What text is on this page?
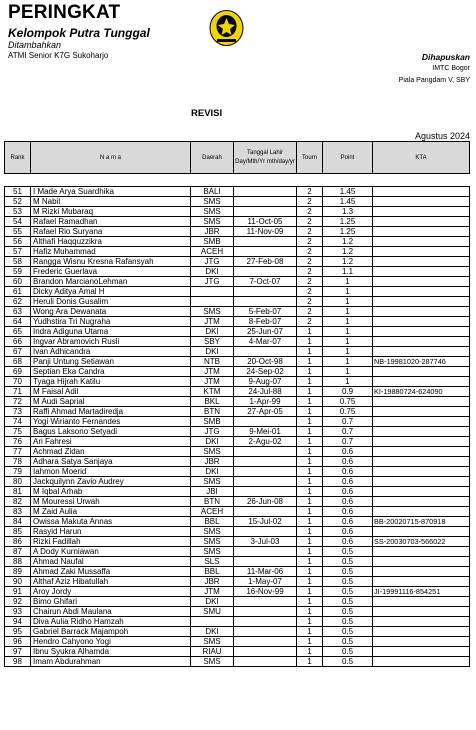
PERINGKAT
Kelompok Putra Tunggal
Ditambahkan
ATMI Senior K7G Sukoharjo	Dihapuskan
IMTC Bogor
Piala Pangdam V, SBY
REVISI
Agustus 2024
Rank	N a m a	Daerah	Tanggal Lahir Day/Mth/Yr mth/day/yr	Tourn	Point	KTA
51	I Made Arya Suardhika	BALI		2	1.45	
52	M Nabil	SMS		2	1.45	
53	M Rizki Mubaraq	SMS		2	1.3	
54	Rafael Ramadhan	SMS	11-Oct-05	2	1.25	
55	Rafael Rio Suryana	JBR	11-Nov-09	2	1.25	
56	Althafi Haqquzzikra	SMB		2	1.2	
57	Hafiz Muhammad	ACEH		2	1.2	
58	Rangga Wisnu Kresna Rafansyah	JTG	27-Feb-08	2	1.2	
59	Frederic Guerlava	DKI		2	1.1	
60	Brandon MarcianoLehman	JTG	7-Oct-07	2	1	
61	Dicky Aditya Amal H			2	1	
62	Heruli Donis Gusalim			2	1	
63	Wong Ara Dewanata	SMS	5-Feb-07	2	1	
64	Yudhstira Tri Nugraha	JTM	8-Feb-07	2	1	
65	Indra Adiguna Utama	DKI	25-Jun-07	1	1	
66	Ingvar Abramovich Rusli	SBY	4-Mar-07	1	1	
67	Ivan Adhicandra	DKI		1	1	
68	Panji Untung Setiawan	NTB	20-Oct-98	1	1	NB-19981020-287746
69	Septian Eka Candra	JTM	24-Sep-02	1	1	
70	Tyaga Hijrah Katilu	JTM	9-Aug-07	1	1	
71	M Faisal Adil	KTM	24-Jul-88	1	0.9	KI-19880724-624090
72	M Audi Saprial	BKL	1-Apr-99	1	0.75	
73	Raffi Ahmad Martadiredja	BTN	27-Apr-05	1	0.75	
74	Yogi Wirianto Fernandes	SMB		1	0.7	
75	Bagus Laksono Setyadi	JTG	9-Mei-01	1	0.7	
76	Ari Fahresi	DKI	2-Agu-02	1	0.7	
77	Achmad Zidan	SMS		1	0.6	
78	Adhara Satya Sanjaya	JBR		1	0.6	
79	Iahmon Moerid	DKI		1	0.6	
80	Jackquilynn Zavio Audrey	SMS		1	0.6	
81	M Iqbal Arhab	JBI		1	0.6	
82	M Mouressi Urwah	BTN	26-Jun-08	1	0.6	
83	M Zaid Aulia	ACEH		1	0.6	
84	Owissa Makuta Annas	BBL	15-Jul-02	1	0.6	BB-20020715-870918
85	Rasyid Harun	SMS		1	0.6	
86	Rizki Fadillah	SMS	3-Jul-03	1	0.6	SS-20030703-566022
87	A Dody Kurniawan	SMS		1	0.5	
88	Ahmad Naufal	SLS		1	0.5	
89	Ahmad Zaki Mussaffa	BBL	11-Mar-06	1	0.5	
90	Althaf Aziz Hibatullah	JBR	1-May-07	1	0.5	
91	Aroy Jordy	JTM	16-Nov-99	1	0.5	JI-19991116-854251
92	Bimo Ghifari	DKI		1	0.5	
93	Chairun Abdi Maulana	SMU		1	0.5	
94	Diva Aulia Ridho Hamzah			1	0.5	
95	Gabriel Barrack Majampoh	DKI		1	0.5	
96	Hendro Cahyono Yogi	SMS		1	0.5	
97	Ibnu Syukra Alhamda	RIAU		1	0.5	
98	Imam Abdurahman	SMS		1	0.5	
